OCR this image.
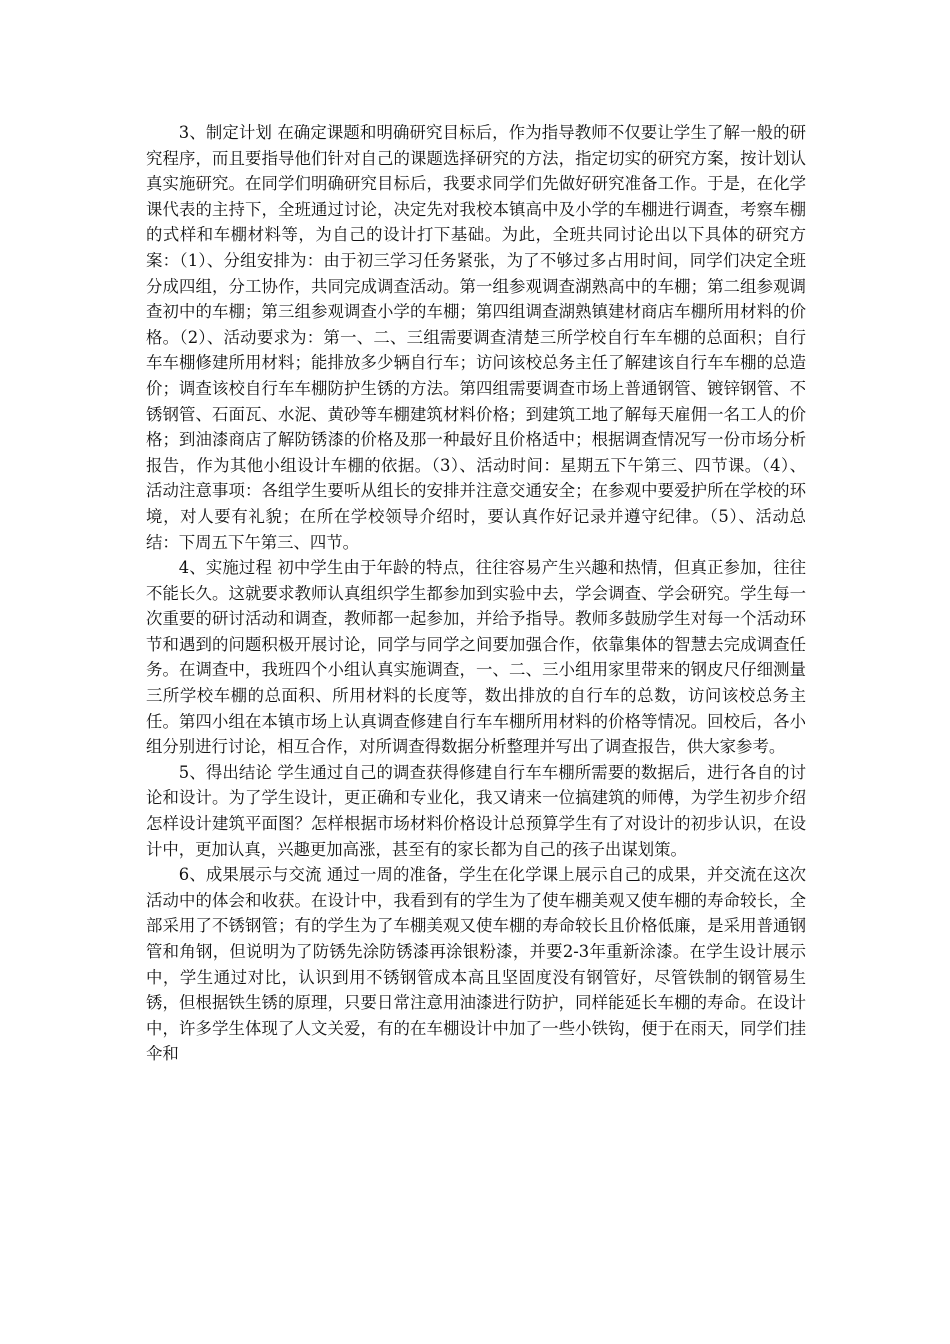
3、制定计划 在确定课题和明确研究目标后，作为指导教师不仅要让学生了解一般的研究程序，而且要指导他们针对自己的课题选择研究的方法，指定切实的研究方案，按计划认真实施研究。在同学们明确研究目标后，我要求同学们先做好研究准备工作。于是，在化学课代表的主持下，全班通过讨论，决定先对我校本镇高中及小学的车棚进行调查，考察车棚的式样和车棚材料等，为自己的设计打下基础。为此，全班共同讨论出以下具体的研究方案：（1）、分组安排为：由于初三学习任务紧张，为了不够过多占用时间，同学们决定全班分成四组，分工协作，共同完成调查活动。第一组参观调查湖熟高中的车棚；第二组参观调查初中的车棚；第三组参观调查小学的车棚；第四组调查湖熟镇建材商店车棚所用材料的价格。（2）、活动要求为：第一、二、三组需要调查清楚三所学校自行车车棚的总面积；自行车车棚修建所用材料；能排放多少辆自行车；访问该校总务主任了解建该自行车车棚的总造价；调查该校自行车车棚防护生锈的方法。第四组需要调查市场上普通钢管、镀锌钢管、不锈钢管、石面瓦、水泥、黄砂等车棚建筑材料价格；到建筑工地了解每天雇佣一名工人的价格；到油漆商店了解防锈漆的价格及那一种最好且价格适中；根据调查情况写一份市场分析报告，作为其他小组设计车棚的依据。（3）、活动时间：星期五下午第三、四节课。（4）、活动注意事项：各组学生要听从组长的安排并注意交通安全；在参观中要爱护所在学校的环境，对人要有礼貌；在所在学校领导介绍时，要认真作好记录并遵守纪律。（5）、活动总结：下周五下午第三、四节。

4、实施过程 初中学生由于年龄的特点，往往容易产生兴趣和热情，但真正参加，往往不能长久。这就要求教师认真组织学生都参加到实验中去，学会调查、学会研究。学生每一次重要的研讨活动和调查，教师都一起参加，并给予指导。教师多鼓励学生对每一个活动环节和遇到的问题积极开展讨论，同学与同学之间要加强合作，依靠集体的智慧去完成调查任务。在调查中，我班四个小组认真实施调查，一、二、三小组用家里带来的钢皮尺仔细测量三所学校车棚的总面积、所用材料的长度等，数出排放的自行车的总数，访问该校总务主任。第四小组在本镇市场上认真调查修建自行车车棚所用材料的价格等情况。回校后，各小组分别进行讨论，相互合作，对所调查得数据分析整理并写出了调查报告，供大家参考。

5、得出结论 学生通过自己的调查获得修建自行车车棚所需要的数据后，进行各自的讨论和设计。为了学生设计，更正确和专业化，我又请来一位搞建筑的师傅，为学生初步介绍怎样设计建筑平面图？怎样根据市场材料价格设计总预算学生有了对设计的初步认识，在设计中，更加认真，兴趣更加高涨，甚至有的家长都为自己的孩子出谋划策。

6、成果展示与交流 通过一周的准备，学生在化学课上展示自己的成果，并交流在这次活动中的体会和收获。在设计中，我看到有的学生为了使车棚美观又使车棚的寿命较长，全部采用了不锈钢管；有的学生为了车棚美观又使车棚的寿命较长且价格低廉，是采用普通钢管和角钢，但说明为了防锈先涂防锈漆再涂银粉漆，并要2-3年重新涂漆。在学生设计展示中，学生通过对比，认识到用不锈钢管成本高且坚固度没有钢管好，尽管铁制的钢管易生锈，但根据铁生锈的原理，只要日常注意用油漆进行防护，同样能延长车棚的寿命。在设计中，许多学生体现了人文关爱，有的在车棚设计中加了一些小铁钩，便于在雨天，同学们挂伞和
